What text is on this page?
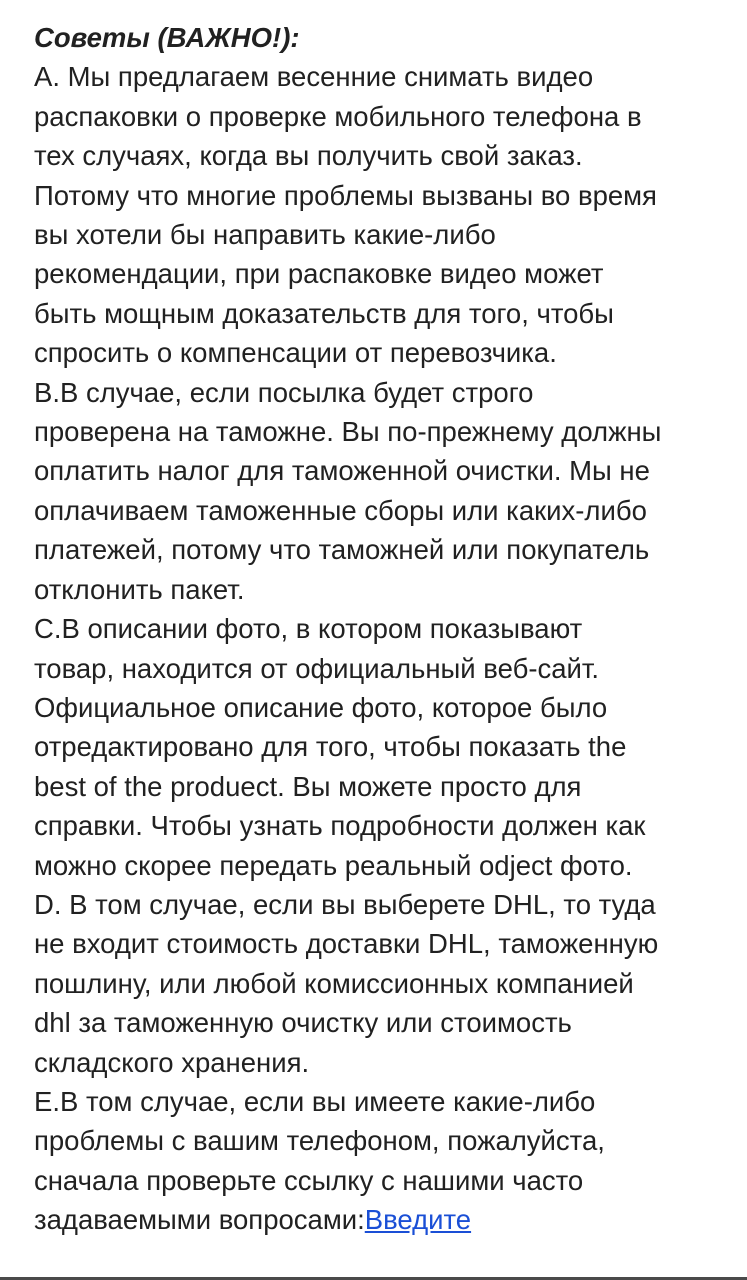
Советы (ВАЖНО!):

A. Мы предлагаем весенние снимать видео
распаковки о проверке мобильного телефона в
тех случаях, когда вы получить свой заказ.
Потому что многие проблемы вызваны во время
вы хотели бы направить какие-либо
рекомендации, при распаковке видео может
быть мощным доказательств для того, чтобы
спросить о компенсации от перевозчика.

B.В случае, если посылка будет строго
проверена на таможне. Вы по-прежнему должны
оплатить налог для таможенной очистки. Мы не
оплачиваем таможенные сборы или каких-либо
платежей, потому что таможней или покупатель
отклонить пакет.

C.В описании фото, в котором показывают
товар, находится от официальный веб-сайт.
Официальное описание фото, которое было
отредактировано для того, чтобы показать the
best of the produect. Вы можете просто для
справки. Чтобы узнать подробности должен как
можно скорее передать реальный odject фото.

D. В том случае, если вы выберете DHL, то туда
не входит стоимость доставки DHL, таможенную
пошлину, или любой комиссионных компанией
dhl за таможенную очистку или стоимость
складского хранения.

E.В том случае, если вы имеете какие-либо
проблемы с вашим телефоном, пожалуйста,
сначала проверьте ссылку с нашими часто
задаваемыми вопросами:Введите
